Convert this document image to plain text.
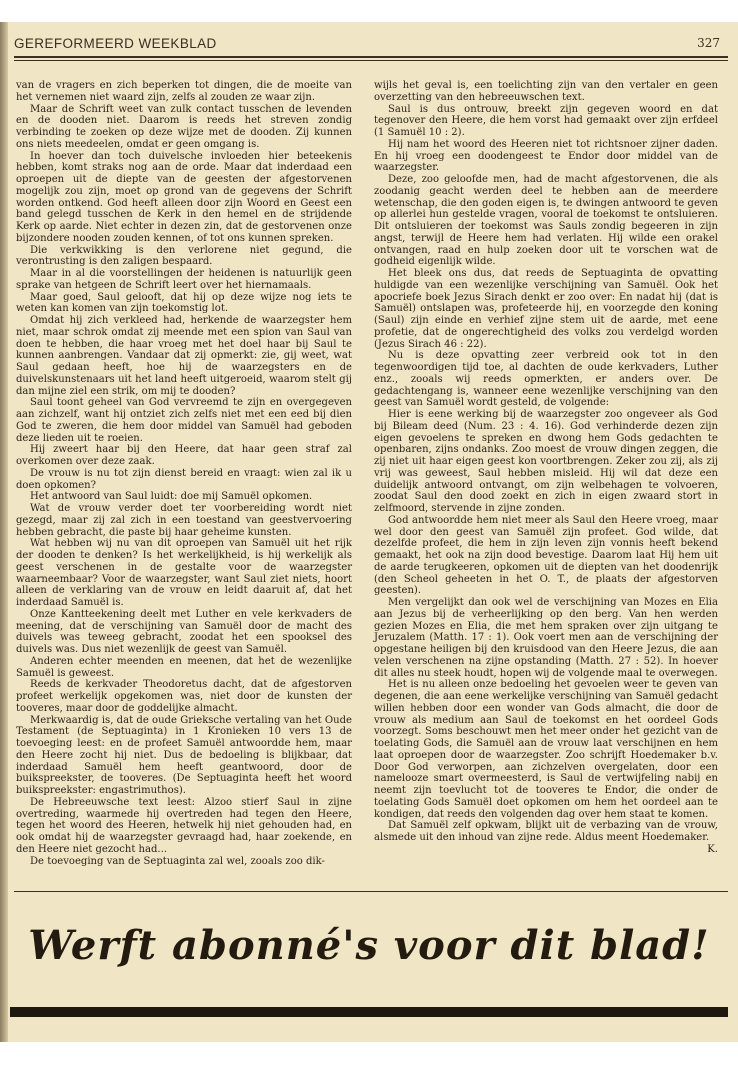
GEREFORMEERD WEEKBLAD	327

van de vragers en zich beperken tot dingen, die de moeite van het vernemen niet waard zijn, zelfs al zouden ze waar zijn.

Maar de Schrift weet van zulk contact tusschen de levenden en de dooden niet. Daarom is reeds het streven zondig verbinding te zoeken op deze wijze met de dooden. Zij kunnen ons niets meedeelen, omdat er geen omgang is.

In hoever dan toch duivelsche invloeden hier beteekenis hebben, komt straks nog aan de orde. Maar dat inderdaad een oproepen uit de diepte van de geesten der afgestorvenen mogelijk zou zijn, moet op grond van de gegevens der Schrift worden ontkend. God heeft alleen door zijn Woord en Geest een band gelegd tusschen de Kerk in den hemel en de strijdende Kerk op aarde. Niet echter in dezen zin, dat de gestorvenen onze bijzondere nooden zouden kennen, of tot ons kunnen spreken.

Die verkwikking is den verlorene niet gegund, die verontrusting is den zaligen bespaard.

Maar in al die voorstellingen der heidenen is natuurlijk geen sprake van hetgeen de Schrift leert over het hiernamaals.

Maar goed, Saul gelooft, dat hij op deze wijze nog iets te weten kan komen van zijn toekomstig lot.

Omdat hij zich verkleed had, herkende de waarzegster hem niet, maar schrok omdat zij meende met een spion van Saul van doen te hebben, die haar vroeg met het doel haar bij Saul te kunnen aanbrengen. Vandaar dat zij opmerkt: zie, gij weet, wat Saul gedaan heeft, hoe hij de waarzegsters en de duivelskunstenaars uit het land heeft uitgeroeid, waarom stelt gij dan mijne ziel een strik, om mij te dooden?

Saul toont geheel van God vervreemd te zijn en overgegeven aan zichzelf, want hij ontziet zich zelfs niet met een eed bij dien God te zweren, die hem door middel van Samuël had geboden deze lieden uit te roeien.

Hij zweert haar bij den Heere, dat haar geen straf zal overkomen over deze zaak.

De vrouw is nu tot zijn dienst bereid en vraagt: wien zal ik u doen opkomen?

Het antwoord van Saul luidt: doe mij Samuël opkomen.

Wat de vrouw verder doet ter voorbereiding wordt niet gezegd, maar zij zal zich in een toestand van geestvervoering hebben gebracht, die paste bij haar geheime kunsten.

Wat hebben wij nu van dit oproepen van Samuël uit het rijk der dooden te denken? Is het werkelijkheid, is hij werkelijk als geest verschenen in de gestalte voor de waarzegster waarneembaar? Voor de waarzegster, want Saul ziet niets, hoort alleen de verklaring van de vrouw en leidt daaruit af, dat het inderdaad Samuël is.

Onze Kantteekening deelt met Luther en vele kerkvaders de meening, dat de verschijning van Samuël door de macht des duivels was teweeg gebracht, zoodat het een spooksel des duivels was. Dus niet wezenlijk de geest van Samuël.

Anderen echter meenden en meenen, dat het de wezenlijke Samuël is geweest.

Reeds de kerkvader Theodoretus dacht, dat de afgestorven profeet werkelijk opgekomen was, niet door de kunsten der tooveres, maar door de goddelijke almacht.

Merkwaardig is, dat de oude Grieksche vertaling van het Oude Testament (de Septuaginta) in 1 Kronieken 10 vers 13 de toevoeging leest: en de profeet Samuël antwoordde hem, maar den Heere zocht hij niet. Dus de bedoeling is blijkbaar, dat inderdaad Samuël hem heeft geantwoord, door de buikspreekster, de tooveres. (De Septuaginta heeft het woord buikspreekster: engastrimuthos).

De Hebreeuwsche text leest: Alzoo stierf Saul in zijne overtreding, waarmede hij overtreden had tegen den Heere, tegen het woord des Heeren, hetwelk hij niet gehouden had, en ook omdat hij de waarzegster gevraagd had, haar zoekende, en den Heere niet gezocht had...

De toevoeging van de Septuaginta zal wel, zooals zoo dik-

wijls het geval is, een toelichting zijn van den vertaler en geen overzetting van den hebreeuwschen text.

Saul is dus ontrouw, breekt zijn gegeven woord en dat tegenover den Heere, die hem vorst had gemaakt over zijn erfdeel (1 Samuël 10 : 2).

Hij nam het woord des Heeren niet tot richtsnoer zijner daden. En hij vroeg een doodengeest te Endor door middel van de waarzegster.

Deze, zoo geloofde men, had de macht afgestorvenen, die als zoodanig geacht werden deel te hebben aan de meerdere wetenschap, die den goden eigen is, te dwingen antwoord te geven op allerlei hun gestelde vragen, vooral de toekomst te ontsluieren. Dit ontsluieren der toekomst was Sauls zondig begeeren in zijn angst, terwijl de Heere hem had verlaten. Hij wilde een orakel ontvangen, raad en hulp zoeken door uit te vorschen wat de godheid eigenlijk wilde.

Het bleek ons dus, dat reeds de Septuaginta de opvatting huldigde van een wezenlijke verschijning van Samuël. Ook het apocriefe boek Jezus Sirach denkt er zoo over: En nadat hij (dat is Samuël) ontslapen was, profeteerde hij, en voorzegde den koning (Saul) zijn einde en verhief zijne stem uit de aarde, met eene profetie, dat de ongerechtigheid des volks zou verdelgd worden (Jezus Sirach 46 : 22).

Nu is deze opvatting zeer verbreid ook tot in den tegenwoordigen tijd toe, al dachten de oude kerkvaders, Luther enz., zooals wij reeds opmerkten, er anders over. De gedachtengang is, wanneer eene wezenlijke verschijning van den geest van Samuël wordt gesteld, de volgende:

Hier is eene werking bij de waarzegster zoo ongeveer als God bij Bileam deed (Num. 23 : 4. 16). God verhinderde dezen zijn eigen gevoelens te spreken en dwong hem Gods gedachten te openbaren, zijns ondanks. Zoo moest de vrouw dingen zeggen, die zij niet uit haar eigen geest kon voortbrengen. Zeker zou zij, als zij vrij was geweest, Saul hebben misleid. Hij wil dat deze een duidelijk antwoord ontvangt, om zijn welbehagen te volvoeren, zoodat Saul den dood zoekt en zich in eigen zwaard stort in zelfmoord, stervende in zijne zonden.

God antwoordde hem niet meer als Saul den Heere vroeg, maar wel door den geest van Samuël zijn profeet. God wilde, dat dezelfde profeet, die hem in zijn leven zijn vonnis heeft bekend gemaakt, het ook na zijn dood bevestige. Daarom laat Hij hem uit de aarde terugkeeren, opkomen uit de diepten van het doodenrijk (den Scheol geheeten in het O. T., de plaats der afgestorven geesten).

Men vergelijkt dan ook wel de verschijning van Mozes en Elia aan Jezus bij de verheerlijking op den berg. Van hen werden gezien Mozes en Elia, die met hem spraken over zijn uitgang te Jeruzalem (Matth. 17 : 1). Ook voert men aan de verschijning der opgestane heiligen bij den kruisdood van den Heere Jezus, die aan velen verschenen na zijne opstanding (Matth. 27 : 52). In hoever dit alles nu steek houdt, hopen wij de volgende maal te overwegen.

Het is nu alleen onze bedoeling het gevoelen weer te geven van degenen, die aan eene werkelijke verschijning van Samuël gedacht willen hebben door een wonder van Gods almacht, die door de vrouw als medium aan Saul de toekomst en het oordeel Gods voorzegt. Soms beschouwt men het meer onder het gezicht van de toelating Gods, die Samuël aan de vrouw laat verschijnen en hem laat oproepen door de waarzegster. Zoo schrijft Hoedemaker b.v. Door God verworpen, aan zichzelven overgelaten, door een namelooze smart overmeesterd, is Saul de vertwijfeling nabij en neemt zijn toevlucht tot de tooveres te Endor, die onder de toelating Gods Samuël doet opkomen om hem het oordeel aan te kondigen, dat reeds den volgenden dag over hem staat te komen.

Dat Samuël zelf opkwam, blijkt uit de verbazing van de vrouw, alsmede uit den inhoud van zijne rede. Aldus meent Hoedemaker.

K.

Werft abonné's voor dit blad!
